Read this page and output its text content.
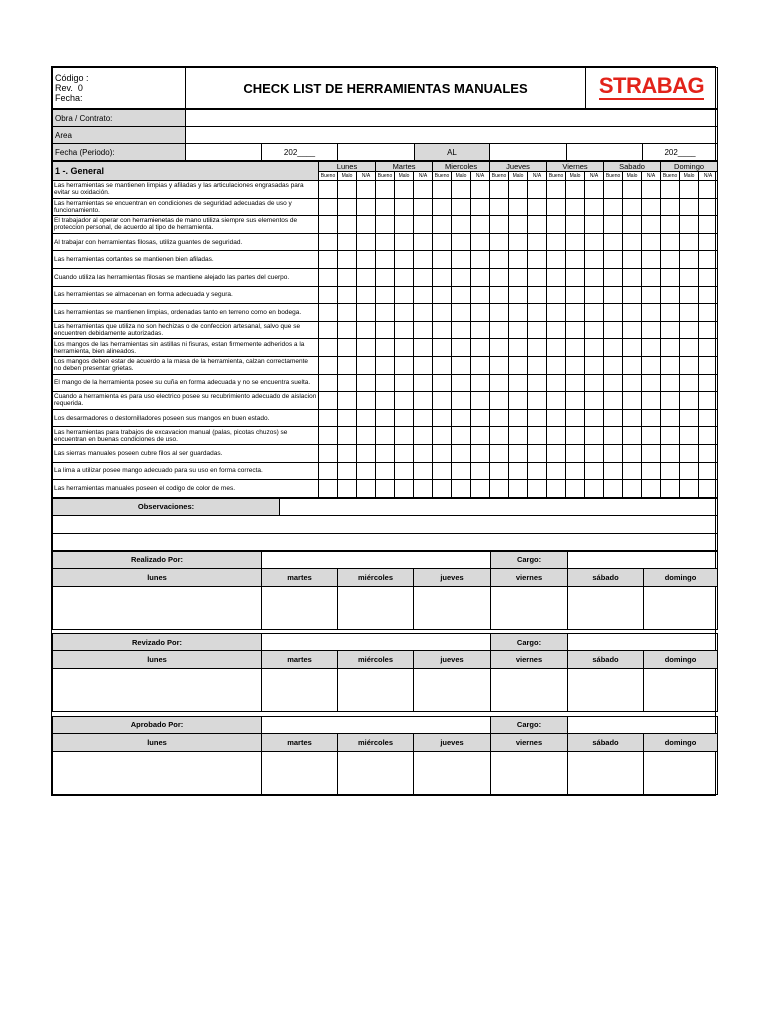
Código :
Rev. 0
Fecha:
	CHECK LIST DE HERRAMIENTAS MANUALES	STRABAG
Obra / Contrato:							
Area							
Fecha (Periodo):		202____		AL			202____
1 -. General	Lunes			Martes			Miercoles			Jueves			Viernes			Sabado			Domingo		
	Bueno	Malo	N/A	Bueno	Malo	N/A	Bueno	Malo	N/A	Bueno	Malo	N/A	Bueno	Malo	N/A	Bueno	Malo	N/A	Bueno	Malo	N/A
Las herramientas se mantienen limpias y afiladas y las articulaciones engrasadas para evitar su oxidación.																					
Las herramientas se encuentran en condiciones de seguridad adecuadas de uso y funcionamiento.																					
El trabajador al operar con herramienetas de mano utiliza siempre sus elementos de proteccion personal, de acuerdo al tipo de herramienta.																					
Al trabajar con herramientas filosas, utiliza guantes de seguridad.																					
Las herramientas cortantes se mantienen bien afiladas.																					
Cuando utiliza las herramientas filosas se mantiene alejado las partes del cuerpo.																					
Las herramientas se almacenan en forma adecuada y segura.																					
Las herramientas se mantienen limpias, ordenadas tanto en terreno como en bodega.																					
Las herramientas que utiliza no son hechizas o de confeccion artesanal, salvo que se encuentren debidamente autorizadas.																					
Los mangos de las herramientas sin astillas ni fisuras, estan firmemente adheridos a la herramienta, bien alineados.																					
Los mangos deben estar de acuerdo a la masa de la herramienta, calzan correctamente no deben presentar grietas.																					
El mango de la herramienta posee su cuña en forma adecuada y no se encuentra suelta.																					
Cuando a herramienta es para uso electrico posee su recubrimiento adecuado de aislacion requerida.																					
Los desarmadores o destornilladores poseen sus mangos en buen estado.																					
Las herramientas para trabajos de excavacion manual (palas, picotas chuzos) se encuentran en buenas condiciones de uso.																					
Las sierras manuales poseen cubre filos al ser guardadas.																					
La lima a utilizar posee mango adecuado para su uso en forma correcta.																					
Las herramientas manuales poseen el codigo de color de mes.																					
Observaciones:	

Realizado Por:				Cargo:		
lunes	martes	miércoles	jueves	viernes	sábado	domingo

Revizado Por:				Cargo:		
lunes	martes	miércoles	jueves	viernes	sábado	domingo

Aprobado Por:				Cargo:		
lunes	martes	miércoles	jueves	viernes	sábado	domingo
